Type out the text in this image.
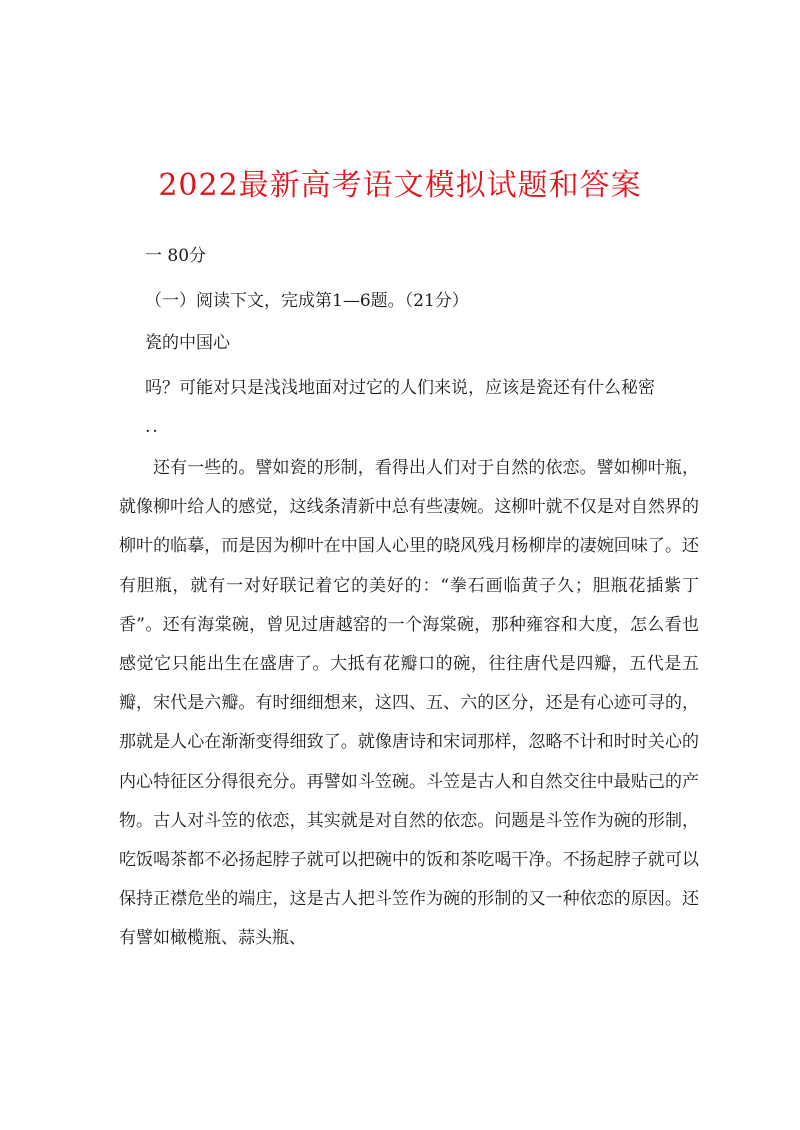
2022最新高考语文模拟试题和答案
一 80分
（一）阅读下文，完成第1—6题。（21分）
瓷的中国心
吗？可能对只是浅浅地面对过它的人们来说，应该是瓷还有什么秘密
..
还有一些的。譬如瓷的形制，看得出人们对于自然的依恋。譬如柳叶瓶，就像柳叶给人的感觉，这线条清新中总有些凄婉。这柳叶就不仅是对自然界的柳叶的临摹，而是因为柳叶在中国人心里的晓风残月杨柳岸的凄婉回味了。还有胆瓶，就有一对好联记着它的美好的：“拳石画临黄子久；胆瓶花插紫丁香”。还有海棠碗，曾见过唐越窑的一个海棠碗，那种雍容和大度，怎么看也感觉它只能出生在盛唐了。大抵有花瓣口的碗，往往唐代是四瓣，五代是五瓣，宋代是六瓣。有时细细想来，这四、五、六的区分，还是有心迹可寻的，那就是人心在渐渐变得细致了。就像唐诗和宋词那样，忽略不计和时时关心的内心特征区分得很充分。再譬如斗笠碗。斗笠是古人和自然交往中最贴己的产物。古人对斗笠的依恋，其实就是对自然的依恋。问题是斗笠作为碗的形制，吃饭喝茶都不必扬起脖子就可以把碗中的饭和茶吃喝干净。不扬起脖子就可以保持正襟危坐的端庄，这是古人把斗笠作为碗的形制的又一种依恋的原因。还有譬如橄榄瓶、蒜头瓶、
